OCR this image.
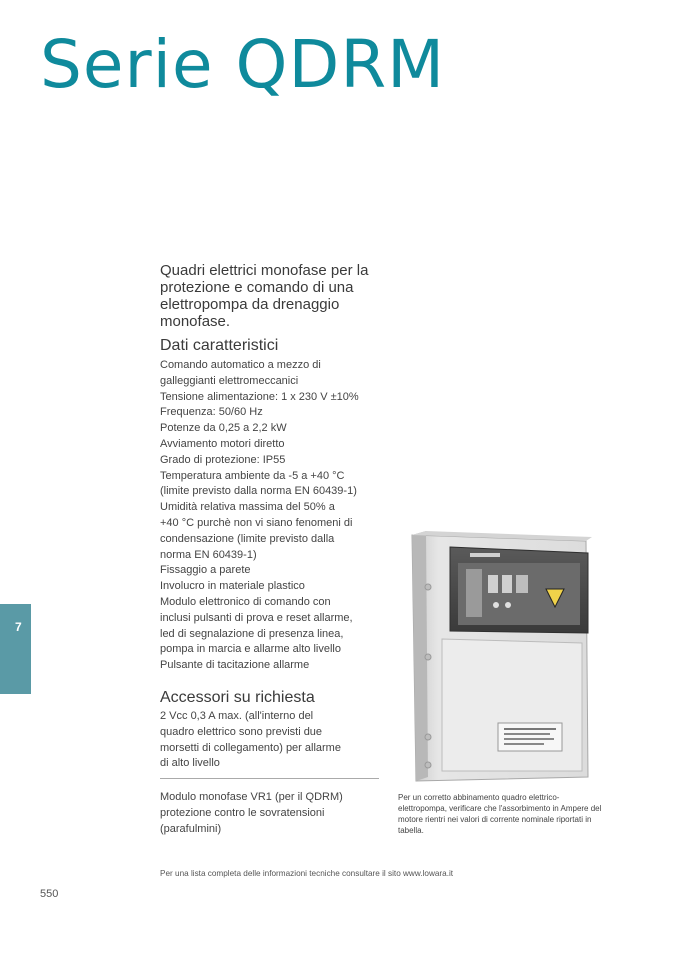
Serie QDRM
Quadri elettrici monofase per la protezione e comando di una elettropompa da drenaggio monofase.
Dati caratteristici
Comando automatico a mezzo di
galleggianti elettromeccanici
Tensione alimentazione: 1 x 230 V ±10%
Frequenza: 50/60 Hz
Potenze da 0,25 a 2,2 kW
Avviamento motori diretto
Grado di protezione: IP55
Temperatura ambiente da -5 a +40 °C
(limite previsto dalla norma EN 60439-1)
Umidità relativa massima del 50% a
+40 °C purchè non vi siano fenomeni di
condensazione (limite previsto dalla
norma EN 60439-1)
Fissaggio a parete
Involucro in materiale plastico
Modulo elettronico di comando con
inclusi pulsanti di prova e reset allarme,
led di segnalazione di presenza linea,
pompa in marcia e allarme alto livello
Pulsante di tacitazione allarme
Accessori su richiesta
2 Vcc 0,3 A max. (all'interno del
quadro elettrico sono previsti due
morsetti di collegamento) per allarme
di alto livello
Modulo monofase VR1 (per il QDRM) protezione contro le sovratensioni (parafulmini)
Per un corretto abbinamento quadro elettrico-elettropompa, verificare che l'assorbimento in Ampere del motore rientri nei valori di corrente nominale riportati in tabella.
Per una lista completa delle informazioni tecniche consultare il sito www.lowara.it
550
7
